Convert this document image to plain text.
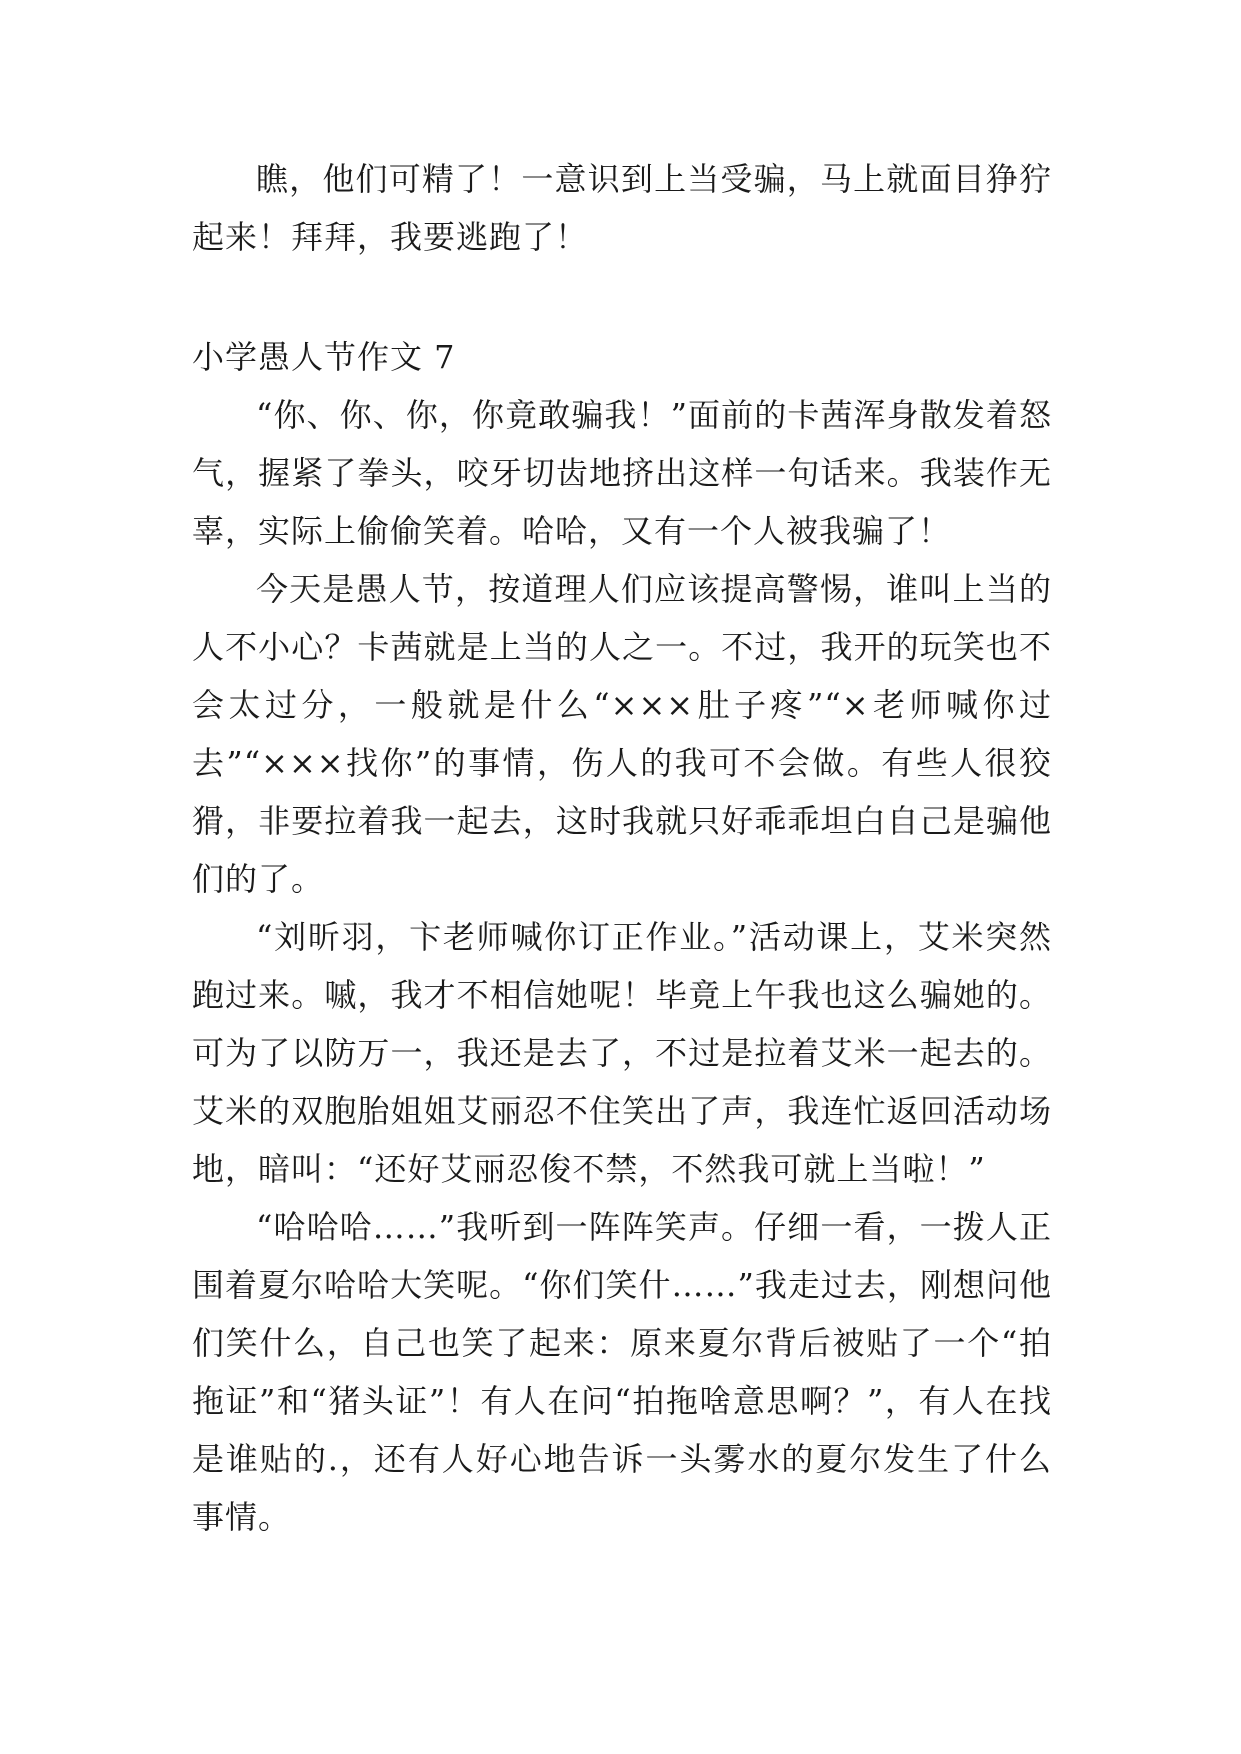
瞧，他们可精了！一意识到上当受骗，马上就面目狰狞起来！拜拜，我要逃跑了！

小学愚人节作文 7

“你、你、你，你竟敢骗我！”面前的卡茜浑身散发着怒气，握紧了拳头，咬牙切齿地挤出这样一句话来。我装作无辜，实际上偷偷笑着。哈哈，又有一个人被我骗了！

今天是愚人节，按道理人们应该提高警惕，谁叫上当的人不小心？卡茜就是上当的人之一。不过，我开的玩笑也不会太过分，一般就是什么“×××肚子疼”“×老师喊你过去”“×××找你”的事情，伤人的我可不会做。有些人很狡猾，非要拉着我一起去，这时我就只好乖乖坦白自己是骗他们的了。

“刘昕羽，卞老师喊你订正作业。”活动课上，艾米突然跑过来。嘁，我才不相信她呢！毕竟上午我也这么骗她的。可为了以防万一，我还是去了，不过是拉着艾米一起去的。艾米的双胞胎姐姐艾丽忍不住笑出了声，我连忙返回活动场地，暗叫：“还好艾丽忍俊不禁，不然我可就上当啦！”

“哈哈哈……”我听到一阵阵笑声。仔细一看，一拨人正围着夏尔哈哈大笑呢。“你们笑什……”我走过去，刚想问他们笑什么，自己也笑了起来：原来夏尔背后被贴了一个“拍拖证”和“猪头证”！有人在问“拍拖啥意思啊？”，有人在找是谁贴的.，还有人好心地告诉一头雾水的夏尔发生了什么事情。
